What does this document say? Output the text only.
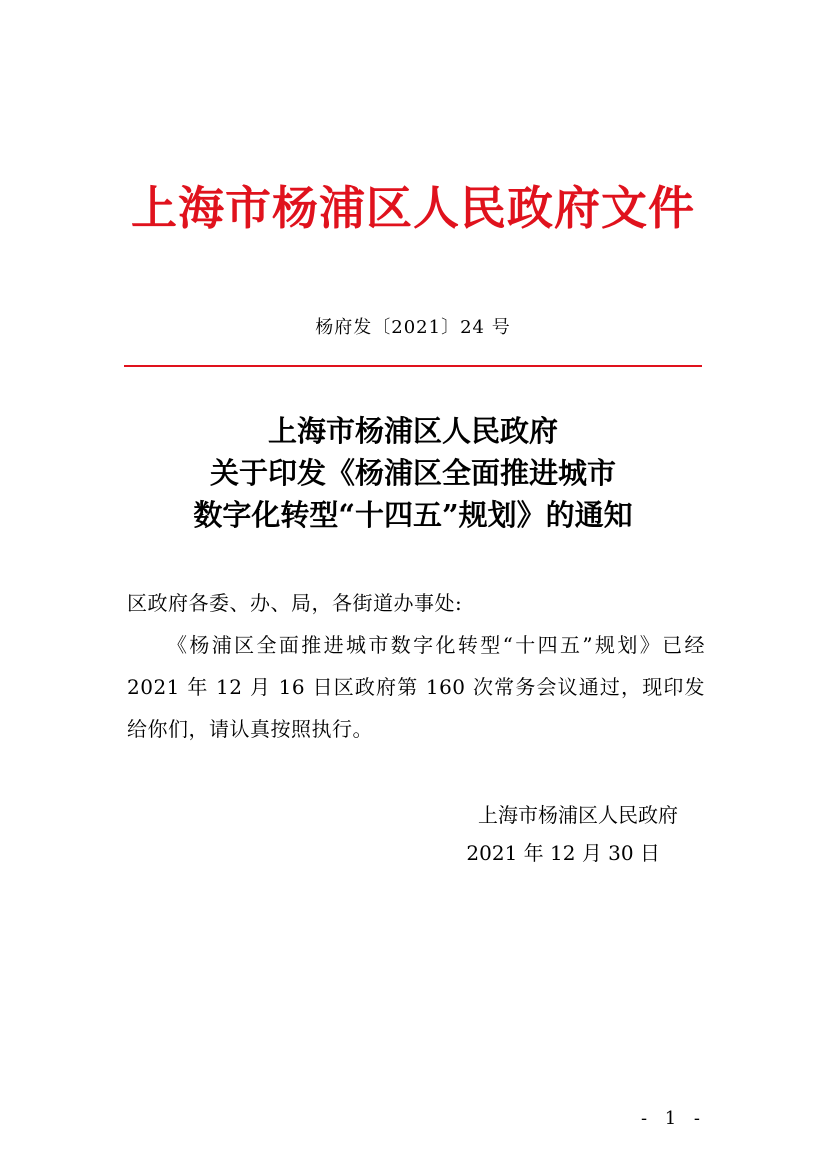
上海市杨浦区人民政府文件
杨府发〔2021〕24 号
上海市杨浦区人民政府
关于印发《杨浦区全面推进城市
数字化转型“十四五”规划》的通知
区政府各委、办、局，各街道办事处:
《杨浦区全面推进城市数字化转型“十四五”规划》已经 2021 年 12 月 16 日区政府第 160 次常务会议通过，现印发给你们，请认真按照执行。
上海市杨浦区人民政府
2021 年 12 月 30 日
- 1 -
